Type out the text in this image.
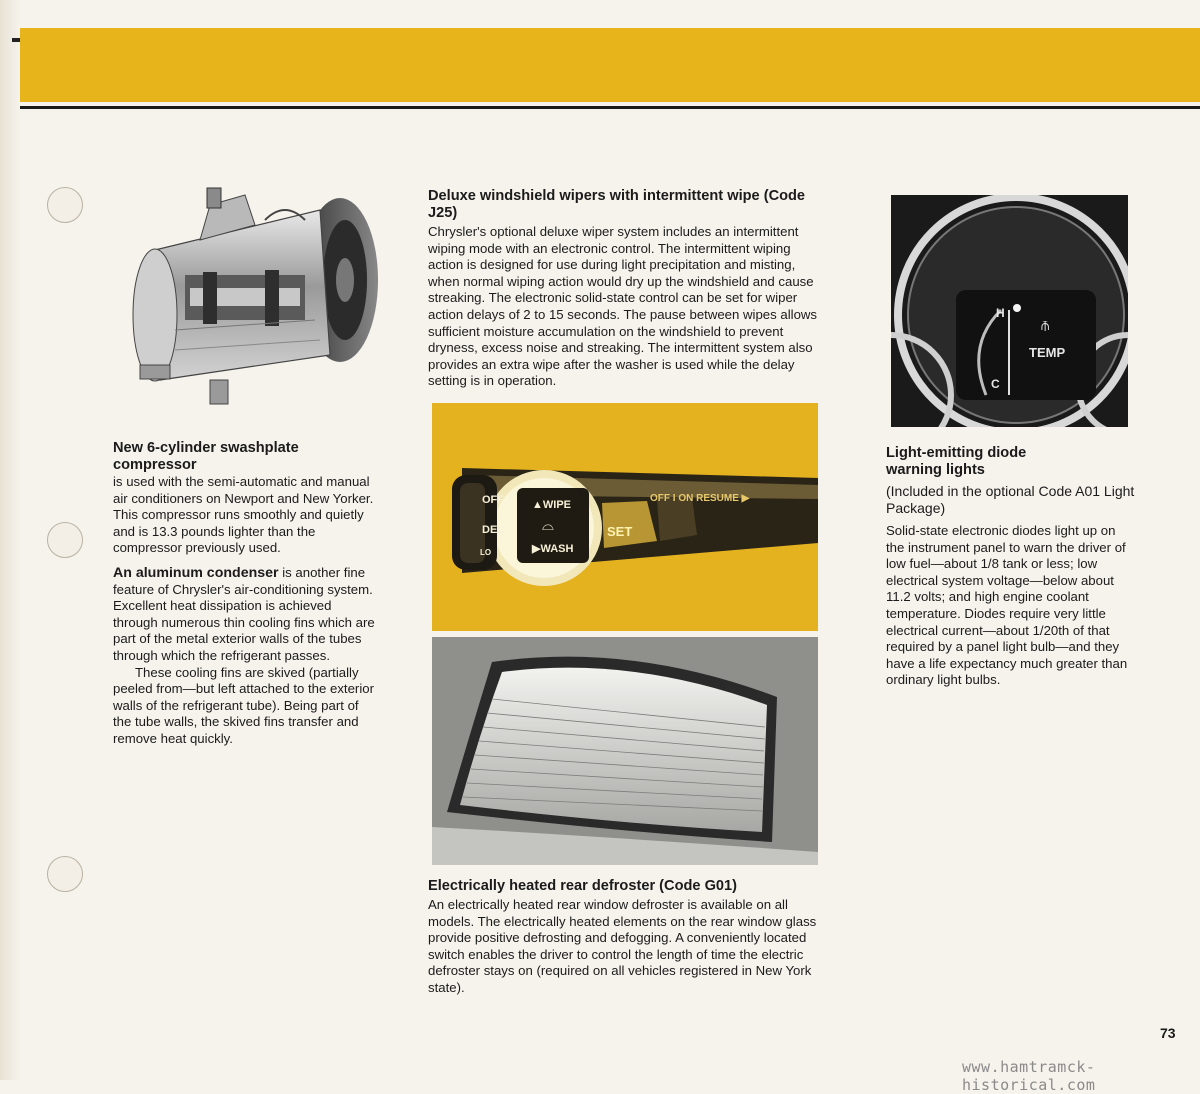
New 6-cylinder swashplate compressor

is used with the semi-automatic and manual air conditioners on Newport and New Yorker. This compressor runs smoothly and quietly and is 13.3 pounds lighter than the compressor previously used.

An aluminum condenser is another fine feature of Chrysler's air-conditioning system. Excellent heat dissipation is achieved through numerous thin cooling fins which are part of the metal exterior walls of the tubes through which the refrigerant passes.

These cooling fins are skived (partially peeled from—but left attached to the exterior walls of the refrigerant tube). Being part of the tube walls, the skived fins transfer and remove heat quickly.

Deluxe windshield wipers with intermittent wipe (Code J25)

Chrysler's optional deluxe wiper system includes an intermittent wiping mode with an electronic control. The intermittent wiping action is designed for use during light precipitation and misting, when normal wiping action would dry up the windshield and cause streaking. The electronic solid-state control can be set for wiper action delays of 2 to 15 seconds. The pause between wipes allows sufficient moisture accumulation on the windshield to prevent dryness, excess noise and streaking. The intermittent system also provides an extra wipe after the washer is used while the delay setting is in operation.

OFF
DEL
LO
▲WIPE
⌓
▶WASH
SET
OFF I ON RESUME ▶
Electrically heated rear defroster (Code G01)

An electrically heated rear window defroster is available on all models. The electrically heated elements on the rear window glass provide positive defrosting and defogging. A conveniently located switch enables the driver to control the length of time the electric defroster stays on (required on all vehicles registered in New York state).

H
C
⫚
TEMP
Light-emitting diode warning lights

(Included in the optional Code A01 Light Package)

Solid-state electronic diodes light up on the instrument panel to warn the driver of low fuel—about 1/8 tank or less; low electrical system voltage—below about 11.2 volts; and high engine coolant temperature. Diodes require very little electrical current—about 1/20th of that required by a panel light bulb—and they have a life expectancy much greater than ordinary light bulbs.

73
www.hamtramck-historical.com
